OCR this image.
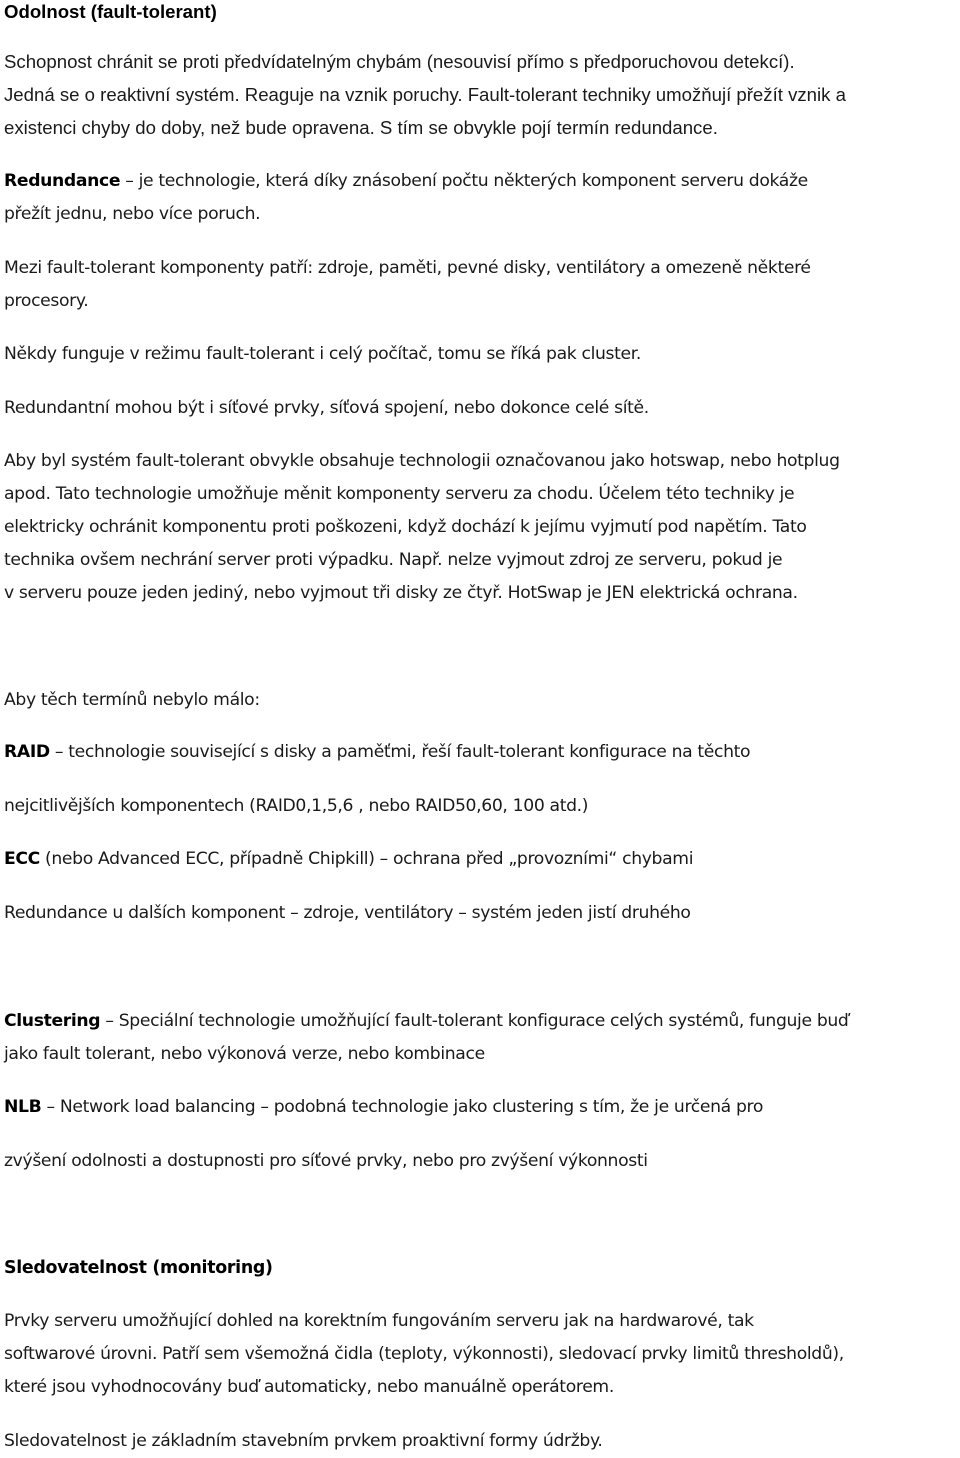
Odolnost (fault-tolerant)
Schopnost chránit se proti předvídatelným chybám (nesouvisí přímo s předporuchovou detekcí).
Jedná se o reaktivní systém. Reaguje na vznik poruchy. Fault-tolerant techniky umožňují přežít vznik a
existenci chyby do doby, než bude opravena. S tím se obvykle pojí termín redundance.
Redundance – je technologie, která díky znásobení počtu některých komponent serveru dokáže
přežít jednu, nebo více poruch.
Mezi fault-tolerant komponenty patří: zdroje, paměti, pevné disky, ventilátory a omezeně některé
procesory.
Někdy funguje v režimu fault-tolerant i celý počítač, tomu se říká pak cluster.
Redundantní mohou být i síťové prvky, síťová spojení, nebo dokonce celé sítě.
Aby byl systém fault-tolerant obvykle obsahuje technologii označovanou jako hotswap, nebo hotplug
apod. Tato technologie umožňuje měnit komponenty serveru za chodu. Účelem této techniky je
elektricky ochránit komponentu proti poškozeni, když dochází k jejímu vyjmutí pod napětím. Tato
technika ovšem nechrání server proti výpadku. Např. nelze vyjmout zdroj ze serveru, pokud je
v serveru pouze jeden jediný, nebo vyjmout tři disky ze čtyř. HotSwap je JEN elektrická ochrana.
Aby těch termínů nebylo málo:
RAID – technologie související s disky a paměťmi, řeší fault-tolerant konfigurace na těchto
nejcitlivějších komponentech (RAID0,1,5,6 , nebo RAID50,60, 100 atd.)
ECC (nebo Advanced ECC, případně Chipkill) – ochrana před „provozními“ chybami
Redundance u dalších komponent – zdroje, ventilátory – systém jeden jistí druhého
Clustering – Speciální technologie umožňující fault-tolerant konfigurace celých systémů, funguje buď
jako fault tolerant, nebo výkonová verze, nebo kombinace
NLB – Network load balancing – podobná technologie jako clustering s tím, že je určená pro
zvýšení odolnosti a dostupnosti pro síťové prvky, nebo pro zvýšení výkonnosti
Sledovatelnost (monitoring)
Prvky serveru umožňující dohled na korektním fungováním serveru jak na hardwarové, tak
softwarové úrovni. Patří sem všemožná čidla (teploty, výkonnosti), sledovací prvky limitů thresholdů),
které jsou vyhodnocovány buď automaticky, nebo manuálně operátorem.
Sledovatelnost je základním stavebním prvkem proaktivní formy údržby.
